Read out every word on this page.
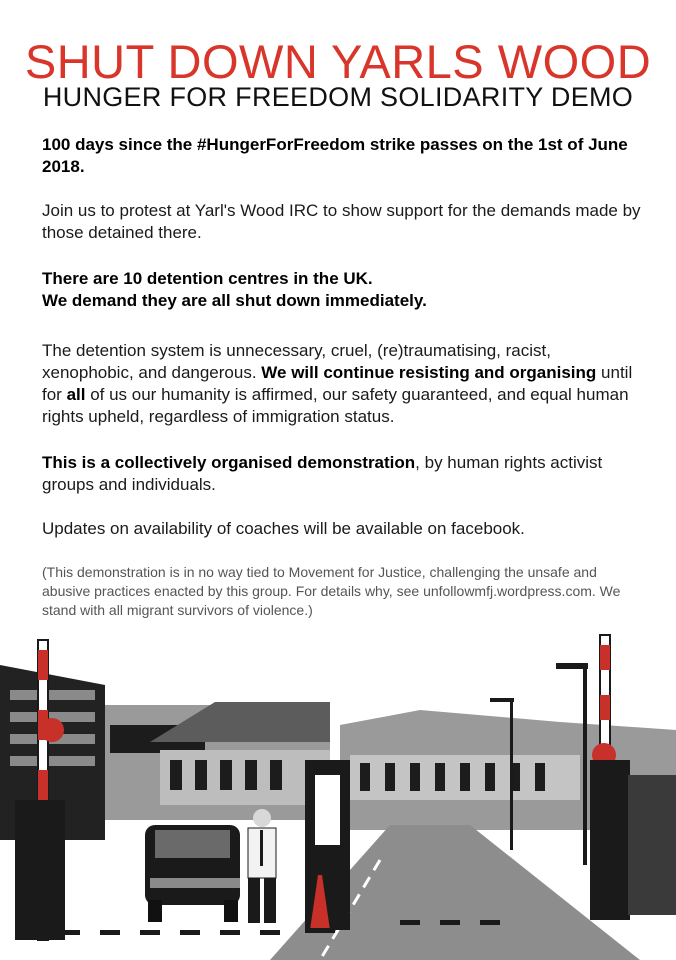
SHUT DOWN YARLS WOOD
HUNGER FOR FREEDOM SOLIDARITY DEMO
100 days since the #HungerForFreedom strike passes on the 1st of June 2018.
Join us to protest at Yarl's Wood IRC to show support for the demands made by those detained there.
There are 10 detention centres in the UK.
We demand they are all shut down immediately.
The detention system is unnecessary, cruel, (re)traumatising, racist, xenophobic, and dangerous. We will continue resisting and organising until for all of us our humanity is affirmed, our safety guaranteed, and equal human rights upheld, regardless of immigration status.
This is a collectively organised demonstration, by human rights activist groups and individuals.
Updates on availability of coaches will be available on facebook.
(This demonstration is in no way tied to Movement for Justice, challenging the unsafe and abusive practices enacted by this group. For details why, see unfollowmfj.wordpress.com. We stand with all migrant survivors of violence.)
